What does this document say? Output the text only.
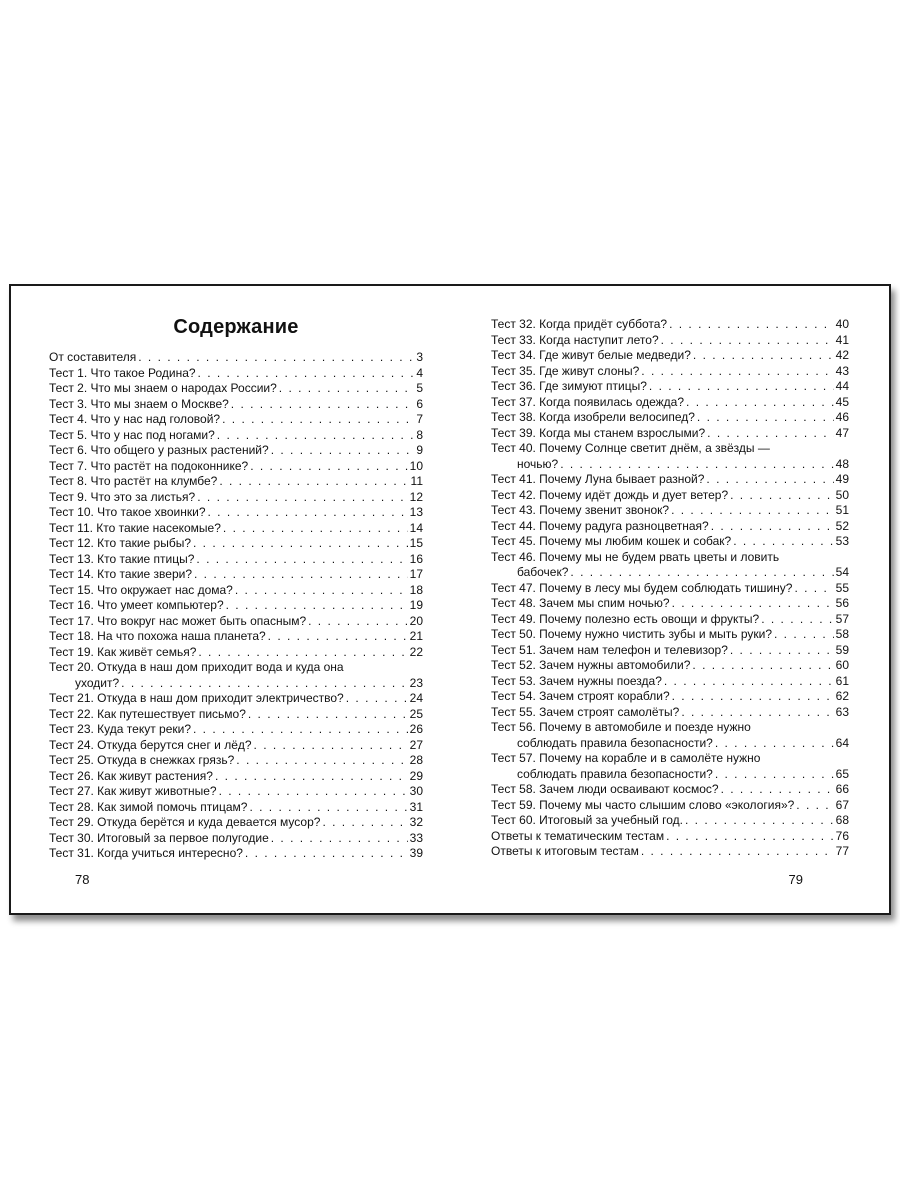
Содержание
От составителя . . .	3
Тест 1. Что такое Родина? . . .	4
Тест 2. Что мы знаем о народах России? . . .	5
Тест 3. Что мы знаем о Москве? . . .	6
Тест 4. Что у нас над головой? . . .	7
Тест 5. Что у нас под ногами? . . .	8
Тест 6. Что общего у разных растений? . . .	9
Тест 7. Что растёт на подоконнике? . . .	10
Тест 8. Что растёт на клумбе? . . .	11
Тест 9. Что это за листья? . . .	12
Тест 10. Что такое хвоинки? . . .	13
Тест 11. Кто такие насекомые? . . .	14
Тест 12. Кто такие рыбы? . . .	15
Тест 13. Кто такие птицы? . . .	16
Тест 14. Кто такие звери? . . .	17
Тест 15. Что окружает нас дома? . . .	18
Тест 16. Что умеет компьютер? . . .	19
Тест 17. Что вокруг нас может быть опасным? . . .	20
Тест 18. На что похожа наша планета? . . .	21
Тест 19. Как живёт семья? . . .	22
Тест 20. Откуда в наш дом приходит вода и куда она
уходит? . . .	23
Тест 21. Откуда в наш дом приходит электричество? . . .	24
Тест 22. Как путешествует письмо? . . .	25
Тест 23. Куда текут реки? . . .	26
Тест 24. Откуда берутся снег и лёд? . . .	27
Тест 25. Откуда в снежках грязь? . . .	28
Тест 26. Как живут растения? . . .	29
Тест 27. Как живут животные? . . .	30
Тест 28. Как зимой помочь птицам? . . .	31
Тест 29. Откуда берётся и куда девается мусор? . . .	32
Тест 30. Итоговый за первое полугодие . . .	33
Тест 31. Когда учиться интересно? . . .	39
78
Тест 32. Когда придёт суббота? . . .	40
Тест 33. Когда наступит лето? . . .	41
Тест 34. Где живут белые медведи? . . .	42
Тест 35. Где живут слоны? . . .	43
Тест 36. Где зимуют птицы? . . .	44
Тест 37. Когда появилась одежда? . . .	45
Тест 38. Когда изобрели велосипед? . . .	46
Тест 39. Когда мы станем взрослыми? . . .	47
Тест 40. Почему Солнце светит днём, а звёзды —
ночью? . . .	48
Тест 41. Почему Луна бывает разной? . . .	49
Тест 42. Почему идёт дождь и дует ветер? . . .	50
Тест 43. Почему звенит звонок? . . .	51
Тест 44. Почему радуга разноцветная? . . .	52
Тест 45. Почему мы любим кошек и собак? . . .	53
Тест 46. Почему мы не будем рвать цветы и ловить
бабочек? . . .	54
Тест 47. Почему в лесу мы будем соблюдать тишину? . . .	55
Тест 48. Зачем мы спим ночью? . . .	56
Тест 49. Почему полезно есть овощи и фрукты? . . .	57
Тест 50. Почему нужно чистить зубы и мыть руки? . . .	58
Тест 51. Зачем нам телефон и телевизор? . . .	59
Тест 52. Зачем нужны автомобили? . . .	60
Тест 53. Зачем нужны поезда? . . .	61
Тест 54. Зачем строят корабли? . . .	62
Тест 55. Зачем строят самолёты? . . .	63
Тест 56. Почему в автомобиле и поезде нужно
соблюдать правила безопасности? . . .	64
Тест 57. Почему на корабле и в самолёте нужно
соблюдать правила безопасности? . . .	65
Тест 58. Зачем люди осваивают космос? . . .	66
Тест 59. Почему мы часто слышим слово «экология»? . . .	67
Тест 60. Итоговый за учебный год. . . .	68
Ответы к тематическим тестам . . .	76
Ответы к итоговым тестам . . .	77
79
